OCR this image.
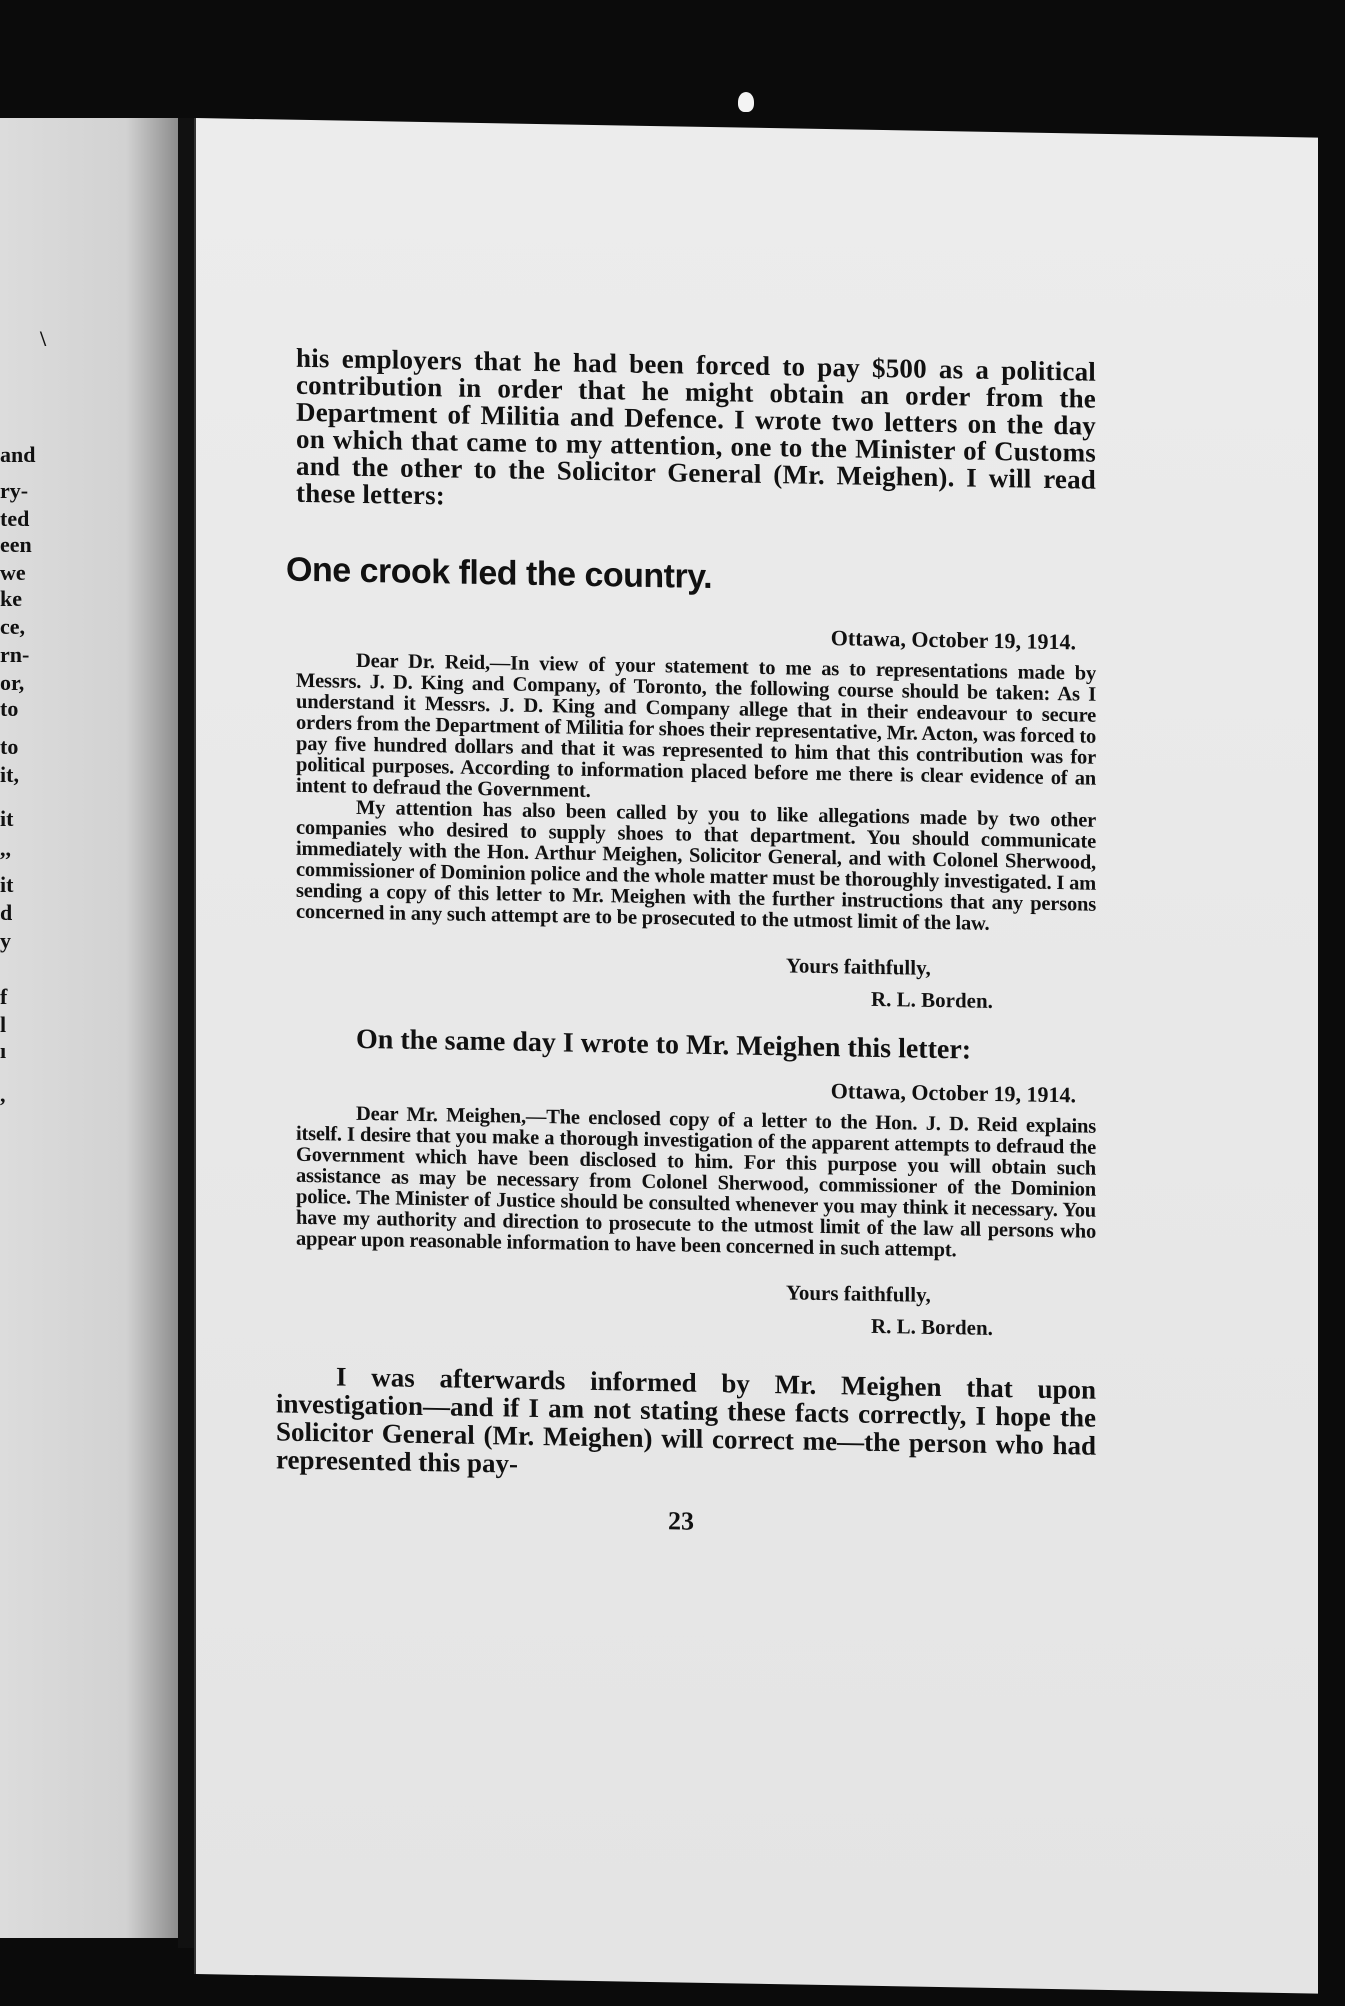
\
and
ry-
ted
een
we
ke
ce,
rn-
or,
to
to
it,
it
,,
it
d
y
f
l
ı
,

his employers that he had been forced to pay $500 as a political contribution in order that he might obtain an order from the Department of Militia and Defence. I wrote two letters on the day on which that came to my attention, one to the Minister of Customs and the other to the Solicitor General (Mr. Meighen). I will read these letters:

One crook fled the country.
Ottawa, October 19, 1914.

Dear Dr. Reid,—In view of your statement to me as to representations made by Messrs. J. D. King and Company, of Toronto, the following course should be taken: As I understand it Messrs. J. D. King and Company allege that in their endeavour to secure orders from the Department of Militia for shoes their representative, Mr. Acton, was forced to pay five hundred dollars and that it was represented to him that this contribution was for political purposes. According to information placed before me there is clear evidence of an intent to defraud the Government.

My attention has also been called by you to like allegations made by two other companies who desired to supply shoes to that department. You should communicate immediately with the Hon. Arthur Meighen, Solicitor General, and with Colonel Sherwood, commissioner of Dominion police and the whole matter must be thoroughly investigated. I am sending a copy of this letter to Mr. Meighen with the further instructions that any persons concerned in any such attempt are to be prosecuted to the utmost limit of the law.

Yours faithfully,

R. L. Borden.

On the same day I wrote to Mr. Meighen this letter:

Ottawa, October 19, 1914.

Dear Mr. Meighen,—The enclosed copy of a letter to the Hon. J. D. Reid explains itself. I desire that you make a thorough investigation of the apparent attempts to defraud the Government which have been disclosed to him. For this purpose you will obtain such assistance as may be necessary from Colonel Sherwood, commissioner of the Dominion police. The Minister of Justice should be consulted whenever you may think it necessary. You have my authority and direction to prosecute to the utmost limit of the law all persons who appear upon reasonable information to have been concerned in such attempt.

Yours faithfully,

R. L. Borden.

I was afterwards informed by Mr. Meighen that upon investigation—and if I am not stating these facts correctly, I hope the Solicitor General (Mr. Meighen) will correct me—the person who had represented this pay-

23
